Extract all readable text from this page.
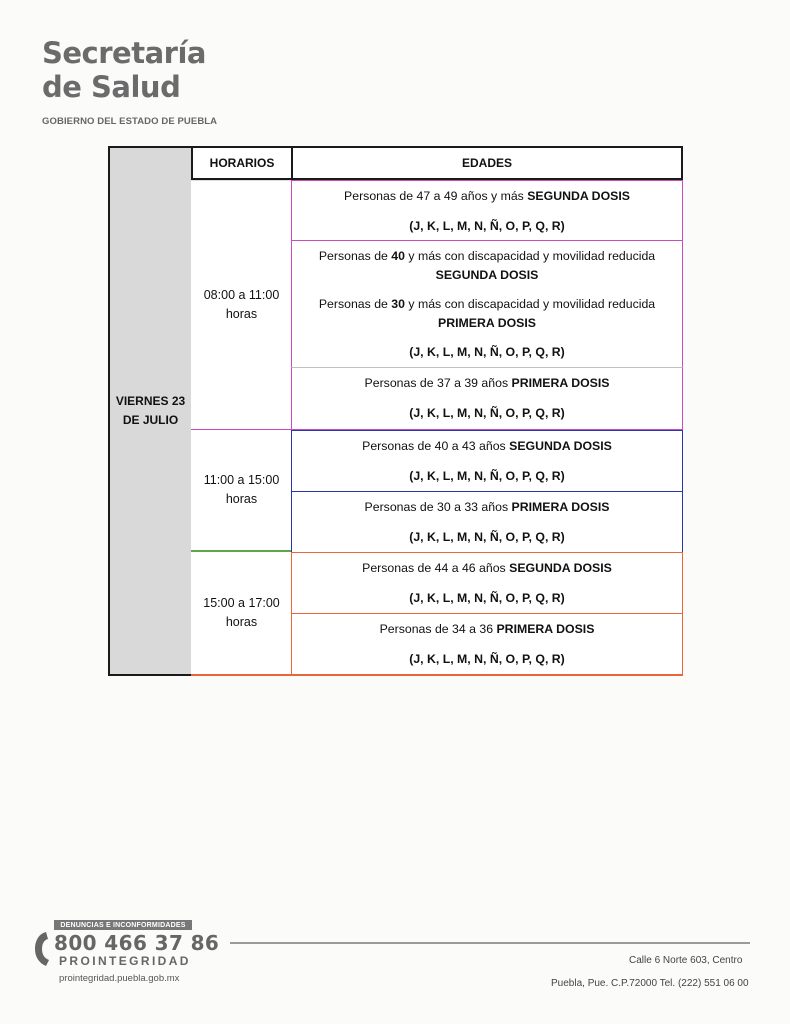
Secretaría
de Salud
GOBIERNO DEL ESTADO DE PUEBLA
VIERNES 23
DE JULIO
HORARIOS	EDADES
08:00 a 11:00
horas
11:00 a 15:00
horas
15:00 a 17:00
horas
Personas de 47 a 49 años y más SEGUNDA DOSIS
(J, K, L, M, N, Ñ, O, P, Q, R)
Personas de 40 y más con discapacidad y movilidad reducida
SEGUNDA DOSIS
Personas de 30 y más con discapacidad y movilidad reducida
PRIMERA DOSIS
(J, K, L, M, N, Ñ, O, P, Q, R)
Personas de 37 a 39 años PRIMERA DOSIS
(J, K, L, M, N, Ñ, O, P, Q, R)
Personas de 40 a 43 años SEGUNDA DOSIS
(J, K, L, M, N, Ñ, O, P, Q, R)
Personas de 30 a 33 años PRIMERA DOSIS
(J, K, L, M, N, Ñ, O, P, Q, R)
Personas de 44 a 46 años SEGUNDA DOSIS
(J, K, L, M, N, Ñ, O, P, Q, R)
Personas de 34 a 36 PRIMERA DOSIS
(J, K, L, M, N, Ñ, O, P, Q, R)
DENUNCIAS E INCONFORMIDADES
800 466 37 86
PROINTEGRIDAD
prointegridad.puebla.gob.mx
Calle 6 Norte 603, Centro
Puebla, Pue. C.P.72000 Tel. (222) 551 06 00
